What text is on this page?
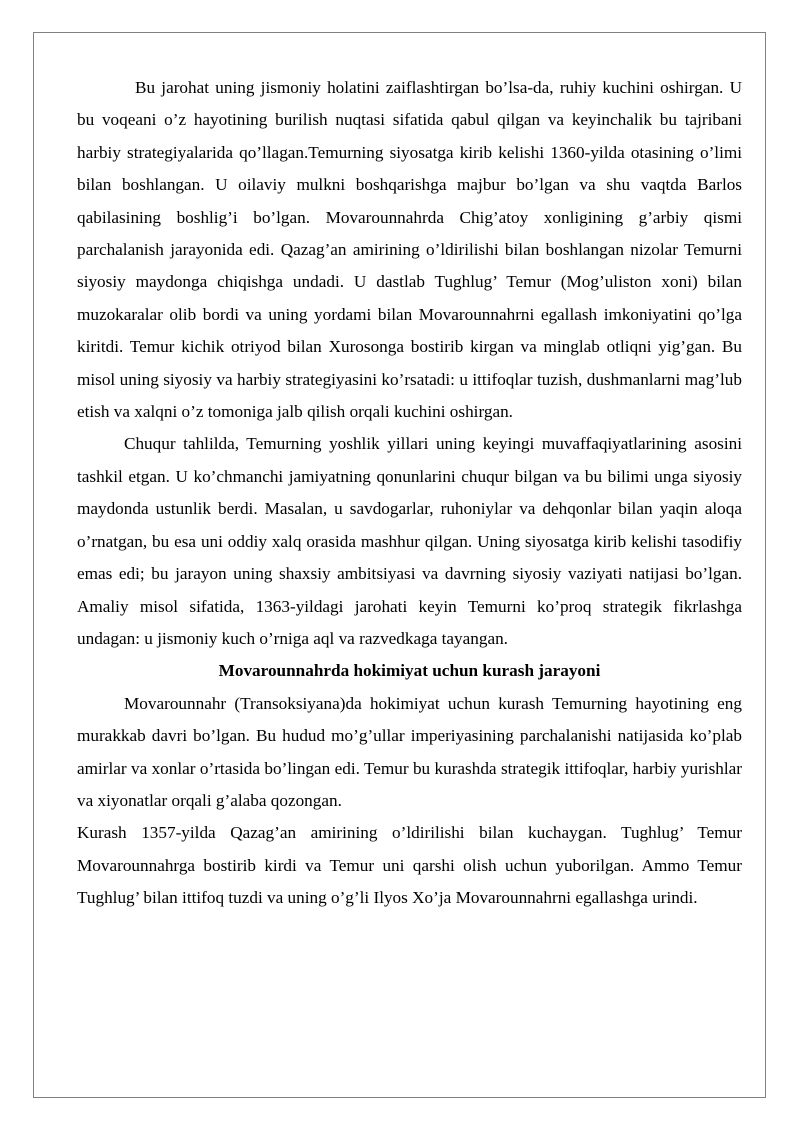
Bu jarohat uning jismoniy holatini zaiflashtirgan bo’lsa-da, ruhiy kuchini oshirgan. U bu voqeani o’z hayotining burilish nuqtasi sifatida qabul qilgan va keyinchalik bu tajribani harbiy strategiyalarida qo’llagan.Temurning siyosatga kirib kelishi 1360-yilda otasining o’limi bilan boshlangan. U oilaviy mulkni boshqarishga majbur bo’lgan va shu vaqtda Barlos qabilasining boshlig’i bo’lgan. Movarounnahrda Chig’atoy xonligining g’arbiy qismi parchalanish jarayonida edi. Qazag’an amirining o’ldirilishi bilan boshlangan nizolar Temurni siyosiy maydonga chiqishga undadi. U dastlab Tughlug’ Temur (Mog’uliston xoni) bilan muzokaralar olib bordi va uning yordami bilan Movarounnahrni egallash imkoniyatini qo’lga kiritdi. Temur kichik otriyod bilan Xurosonga bostirib kirgan va minglab otliqni yig’gan. Bu misol uning siyosiy va harbiy strategiyasini ko’rsatadi: u ittifoqlar tuzish, dushmanlarni mag’lub etish va xalqni o’z tomoniga jalb qilish orqali kuchini oshirgan.

Chuqur tahlilda, Temurning yoshlik yillari uning keyingi muvaffaqiyatlarining asosini tashkil etgan. U ko’chmanchi jamiyatning qonunlarini chuqur bilgan va bu bilimi unga siyosiy maydonda ustunlik berdi. Masalan, u savdogarlar, ruhoniylar va dehqonlar bilan yaqin aloqa o’rnatgan, bu esa uni oddiy xalq orasida mashhur qilgan. Uning siyosatga kirib kelishi tasodifiy emas edi; bu jarayon uning shaxsiy ambitsiyasi va davrning siyosiy vaziyati natijasi bo’lgan. Amaliy misol sifatida, 1363-yildagi jarohati keyin Temurni ko’proq strategik fikrlashga undagan: u jismoniy kuch o’rniga aql va razvedkaga tayangan.

Movarounnahrda hokimiyat uchun kurash jarayoni

Movarounnahr (Transoksiyana)da hokimiyat uchun kurash Temurning hayotining eng murakkab davri bo’lgan. Bu hudud mo’g’ullar imperiyasining parchalanishi natijasida ko’plab amirlar va xonlar o’rtasida bo’lingan edi. Temur bu kurashda strategik ittifoqlar, harbiy yurishlar va xiyonatlar orqali g’alaba qozongan.

Kurash 1357-yilda Qazag’an amirining o’ldirilishi bilan kuchaygan. Tughlug’ Temur Movarounnahrga bostirib kirdi va Temur uni qarshi olish uchun yuborilgan. Ammo Temur Tughlug’ bilan ittifoq tuzdi va uning o’g’li Ilyos Xo’ja Movarounnahrni egallashga urindi.
